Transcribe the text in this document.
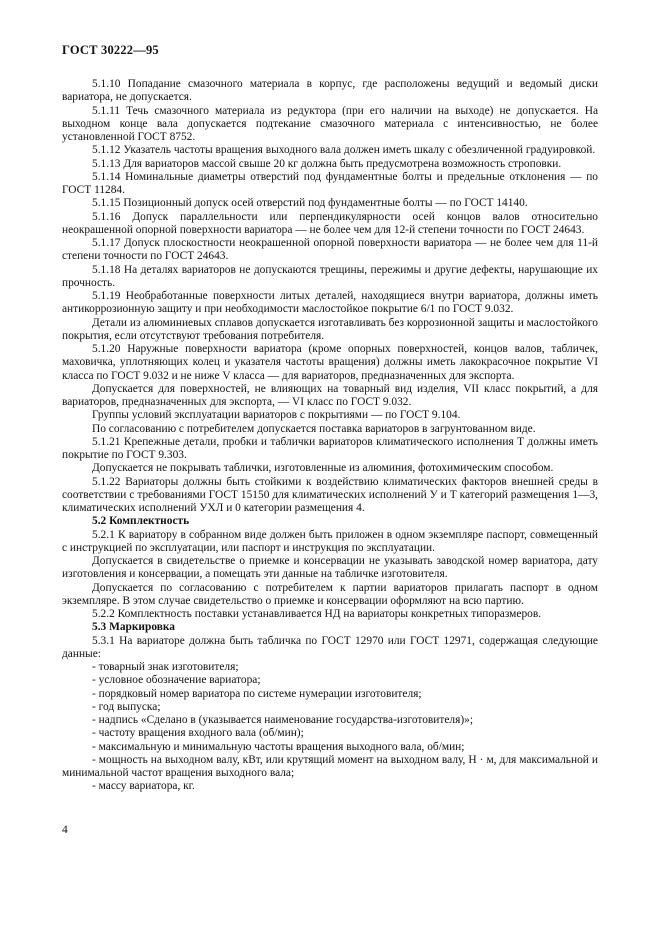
ГОСТ 30222—95

5.1.10 Попадание смазочного материала в корпус, где расположены ведущий и ведомый диски вариатора, не допускается.

5.1.11 Течь смазочного материала из редуктора (при его наличии на выходе) не допускается. На выходном конце вала допускается подтекание смазочного материала с интенсивностью, не более установленной ГОСТ 8752.

5.1.12 Указатель частоты вращения выходного вала должен иметь шкалу с обезличенной градуировкой.

5.1.13 Для вариаторов массой свыше 20 кг должна быть предусмотрена возможность строповки.

5.1.14 Номинальные диаметры отверстий под фундаментные болты и предельные отклонения — по ГОСТ 11284.

5.1.15 Позиционный допуск осей отверстий под фундаментные болты — по ГОСТ 14140.

5.1.16 Допуск параллельности или перпендикулярности осей концов валов относительно неокрашенной опорной поверхности вариатора — не более чем для 12-й степени точности по ГОСТ 24643.

5.1.17 Допуск плоскостности неокрашенной опорной поверхности вариатора — не более чем для 11-й степени точности по ГОСТ 24643.

5.1.18 На деталях вариаторов не допускаются трещины, пережимы и другие дефекты, нарушающие их прочность.

5.1.19 Необработанные поверхности литых деталей, находящиеся внутри вариатора, должны иметь антикоррозионную защиту и при необходимости маслостойкое покрытие 6/1 по ГОСТ 9.032.

Детали из алюминиевых сплавов допускается изготавливать без коррозионной защиты и маслостойкого покрытия, если отсутствуют требования потребителя.

5.1.20 Наружные поверхности вариатора (кроме опорных поверхностей, концов валов, табличек, маховичка, уплотняющих колец и указателя частоты вращения) должны иметь лакокрасочное покрытие VI класса по ГОСТ 9.032 и не ниже V класса — для вариаторов, предназначенных для экспорта.

Допускается для поверхностей, не влияющих на товарный вид изделия, VII класс покрытий, а для вариаторов, предназначенных для экспорта, — VI класс по ГОСТ 9.032.

Группы условий эксплуатации вариаторов с покрытиями — по ГОСТ 9.104.

По согласованию с потребителем допускается поставка вариаторов в загрунтованном виде.

5.1.21 Крепежные детали, пробки и таблички вариаторов климатического исполнения Т должны иметь покрытие по ГОСТ 9.303.

Допускается не покрывать таблички, изготовленные из алюминия, фотохимическим способом.

5.1.22 Вариаторы должны быть стойкими к воздействию климатических факторов внешней среды в соответствии с требованиями ГОСТ 15150 для климатических исполнений У и Т категорий размещения 1—3, климатических исполнений УХЛ и 0 категории размещения 4.

5.2 Комплектность

5.2.1 К вариатору в собранном виде должен быть приложен в одном экземпляре паспорт, совмещенный с инструкцией по эксплуатации, или паспорт и инструкция по эксплуатации.

Допускается в свидетельстве о приемке и консервации не указывать заводской номер вариатора, дату изготовления и консервации, а помещать эти данные на табличке изготовителя.

Допускается по согласованию с потребителем к партии вариаторов прилагать паспорт в одном экземпляре. В этом случае свидетельство о приемке и консервации оформляют на всю партию.

5.2.2 Комплектность поставки устанавливается НД на вариаторы конкретных типоразмеров.

5.3 Маркировка

5.3.1 На вариаторе должна быть табличка по ГОСТ 12970 или ГОСТ 12971, содержащая следующие данные:

- товарный знак изготовителя;

- условное обозначение вариатора;

- порядковый номер вариатора по системе нумерации изготовителя;

- год выпуска;

- надпись «Сделано в (указывается наименование государства-изготовителя)»;

- частоту вращения входного вала (об/мин);

- максимальную и минимальную частоты вращения выходного вала, об/мин;

- мощность на выходном валу, кВт, или крутящий момент на выходном валу, Н · м, для максимальной и минимальной частот вращения выходного вала;

- массу вариатора, кг.

4
